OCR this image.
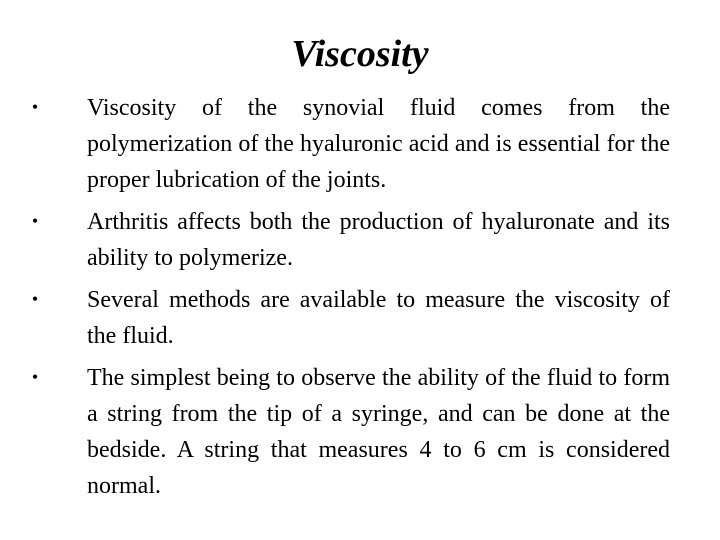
Viscosity
• Viscosity of the synovial fluid comes from the polymerization of the hyaluronic acid and is essential for the proper lubrication of the joints.
• Arthritis affects both the production of hyaluronate and its ability to polymerize.
• Several methods are available to measure the viscosity of the fluid.
• The simplest being to observe the ability of the fluid to form a string from the tip of a syringe, and can be done at the bedside. A string that measures 4 to 6 cm is considered normal.
